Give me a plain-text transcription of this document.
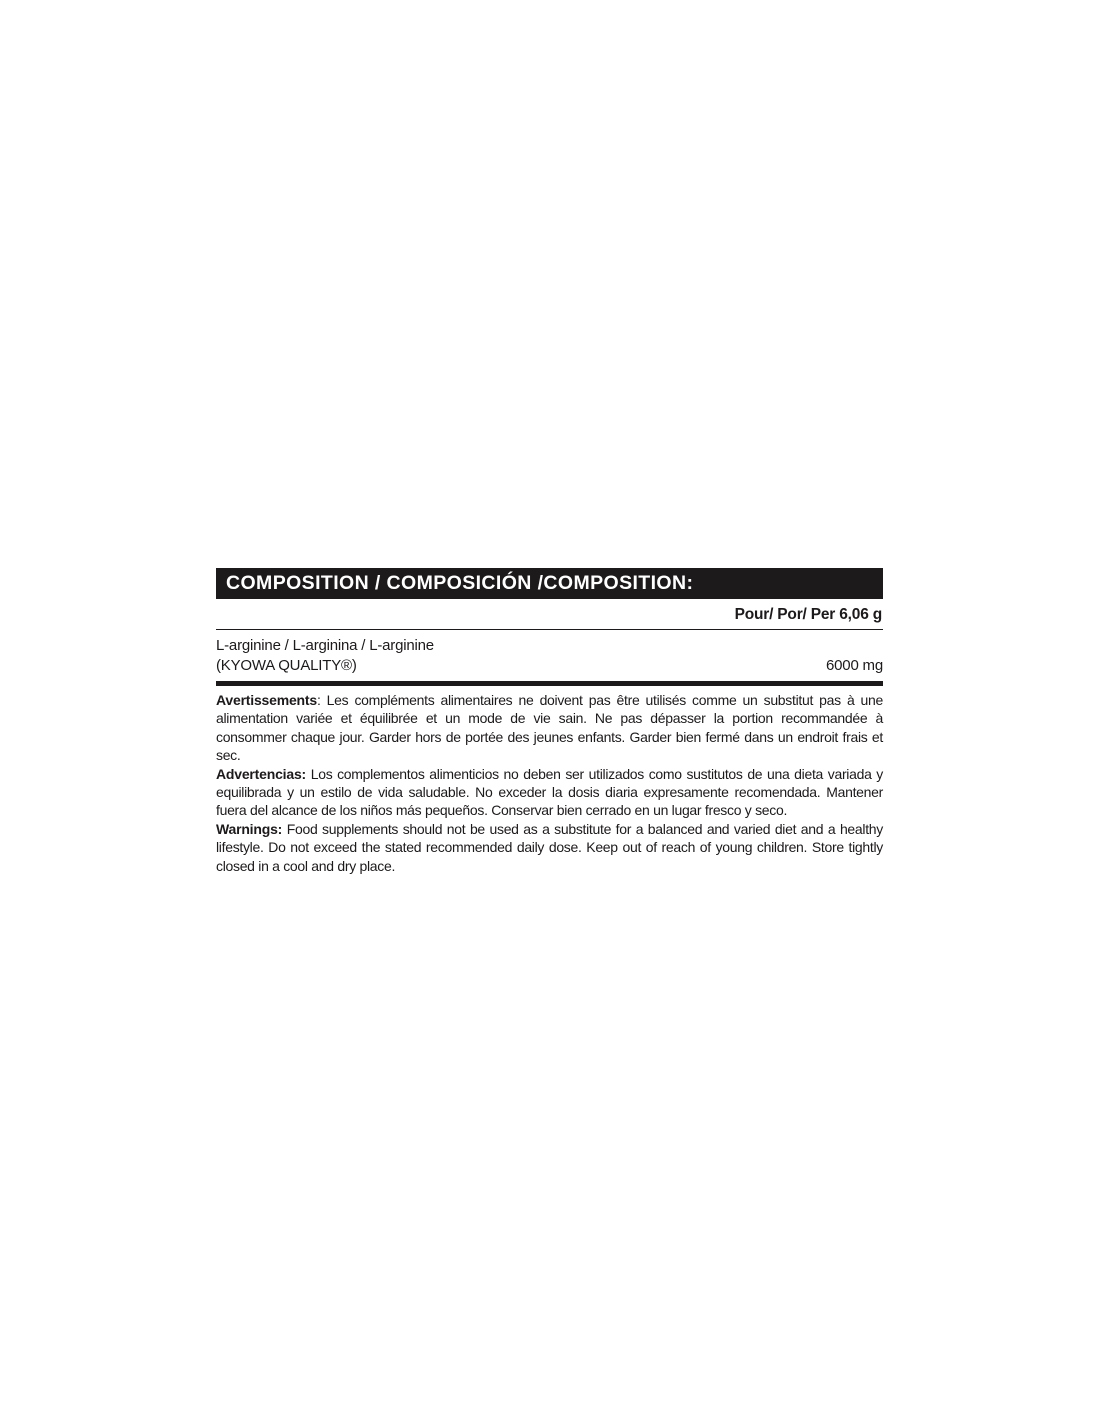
COMPOSITION / COMPOSICIÓN /COMPOSITION:
Pour/ Por/ Per 6,06 g
L-arginine / L-arginina / L-arginine
(KYOWA QUALITY®)	6000 mg

Avertissements: Les compléments alimentaires ne doivent pas être utilisés comme un substitut pas à une alimentation variée et équilibrée et un mode de vie sain. Ne pas dépasser la portion recommandée à consommer chaque jour. Garder hors de portée des jeunes enfants. Garder bien fermé dans un endroit frais et sec.

Advertencias: Los complementos alimenticios no deben ser utilizados como sustitutos de una dieta variada y equilibrada y un estilo de vida saludable. No exceder la dosis diaria expresamente recomendada. Mantener fuera del alcance de los niños más pequeños. Conservar bien cerrado en un lugar fresco y seco.

Warnings: Food supplements should not be used as a substitute for a balanced and varied diet and a healthy lifestyle. Do not exceed the stated recommended daily dose. Keep out of reach of young children. Store tightly closed in a cool and dry place.
